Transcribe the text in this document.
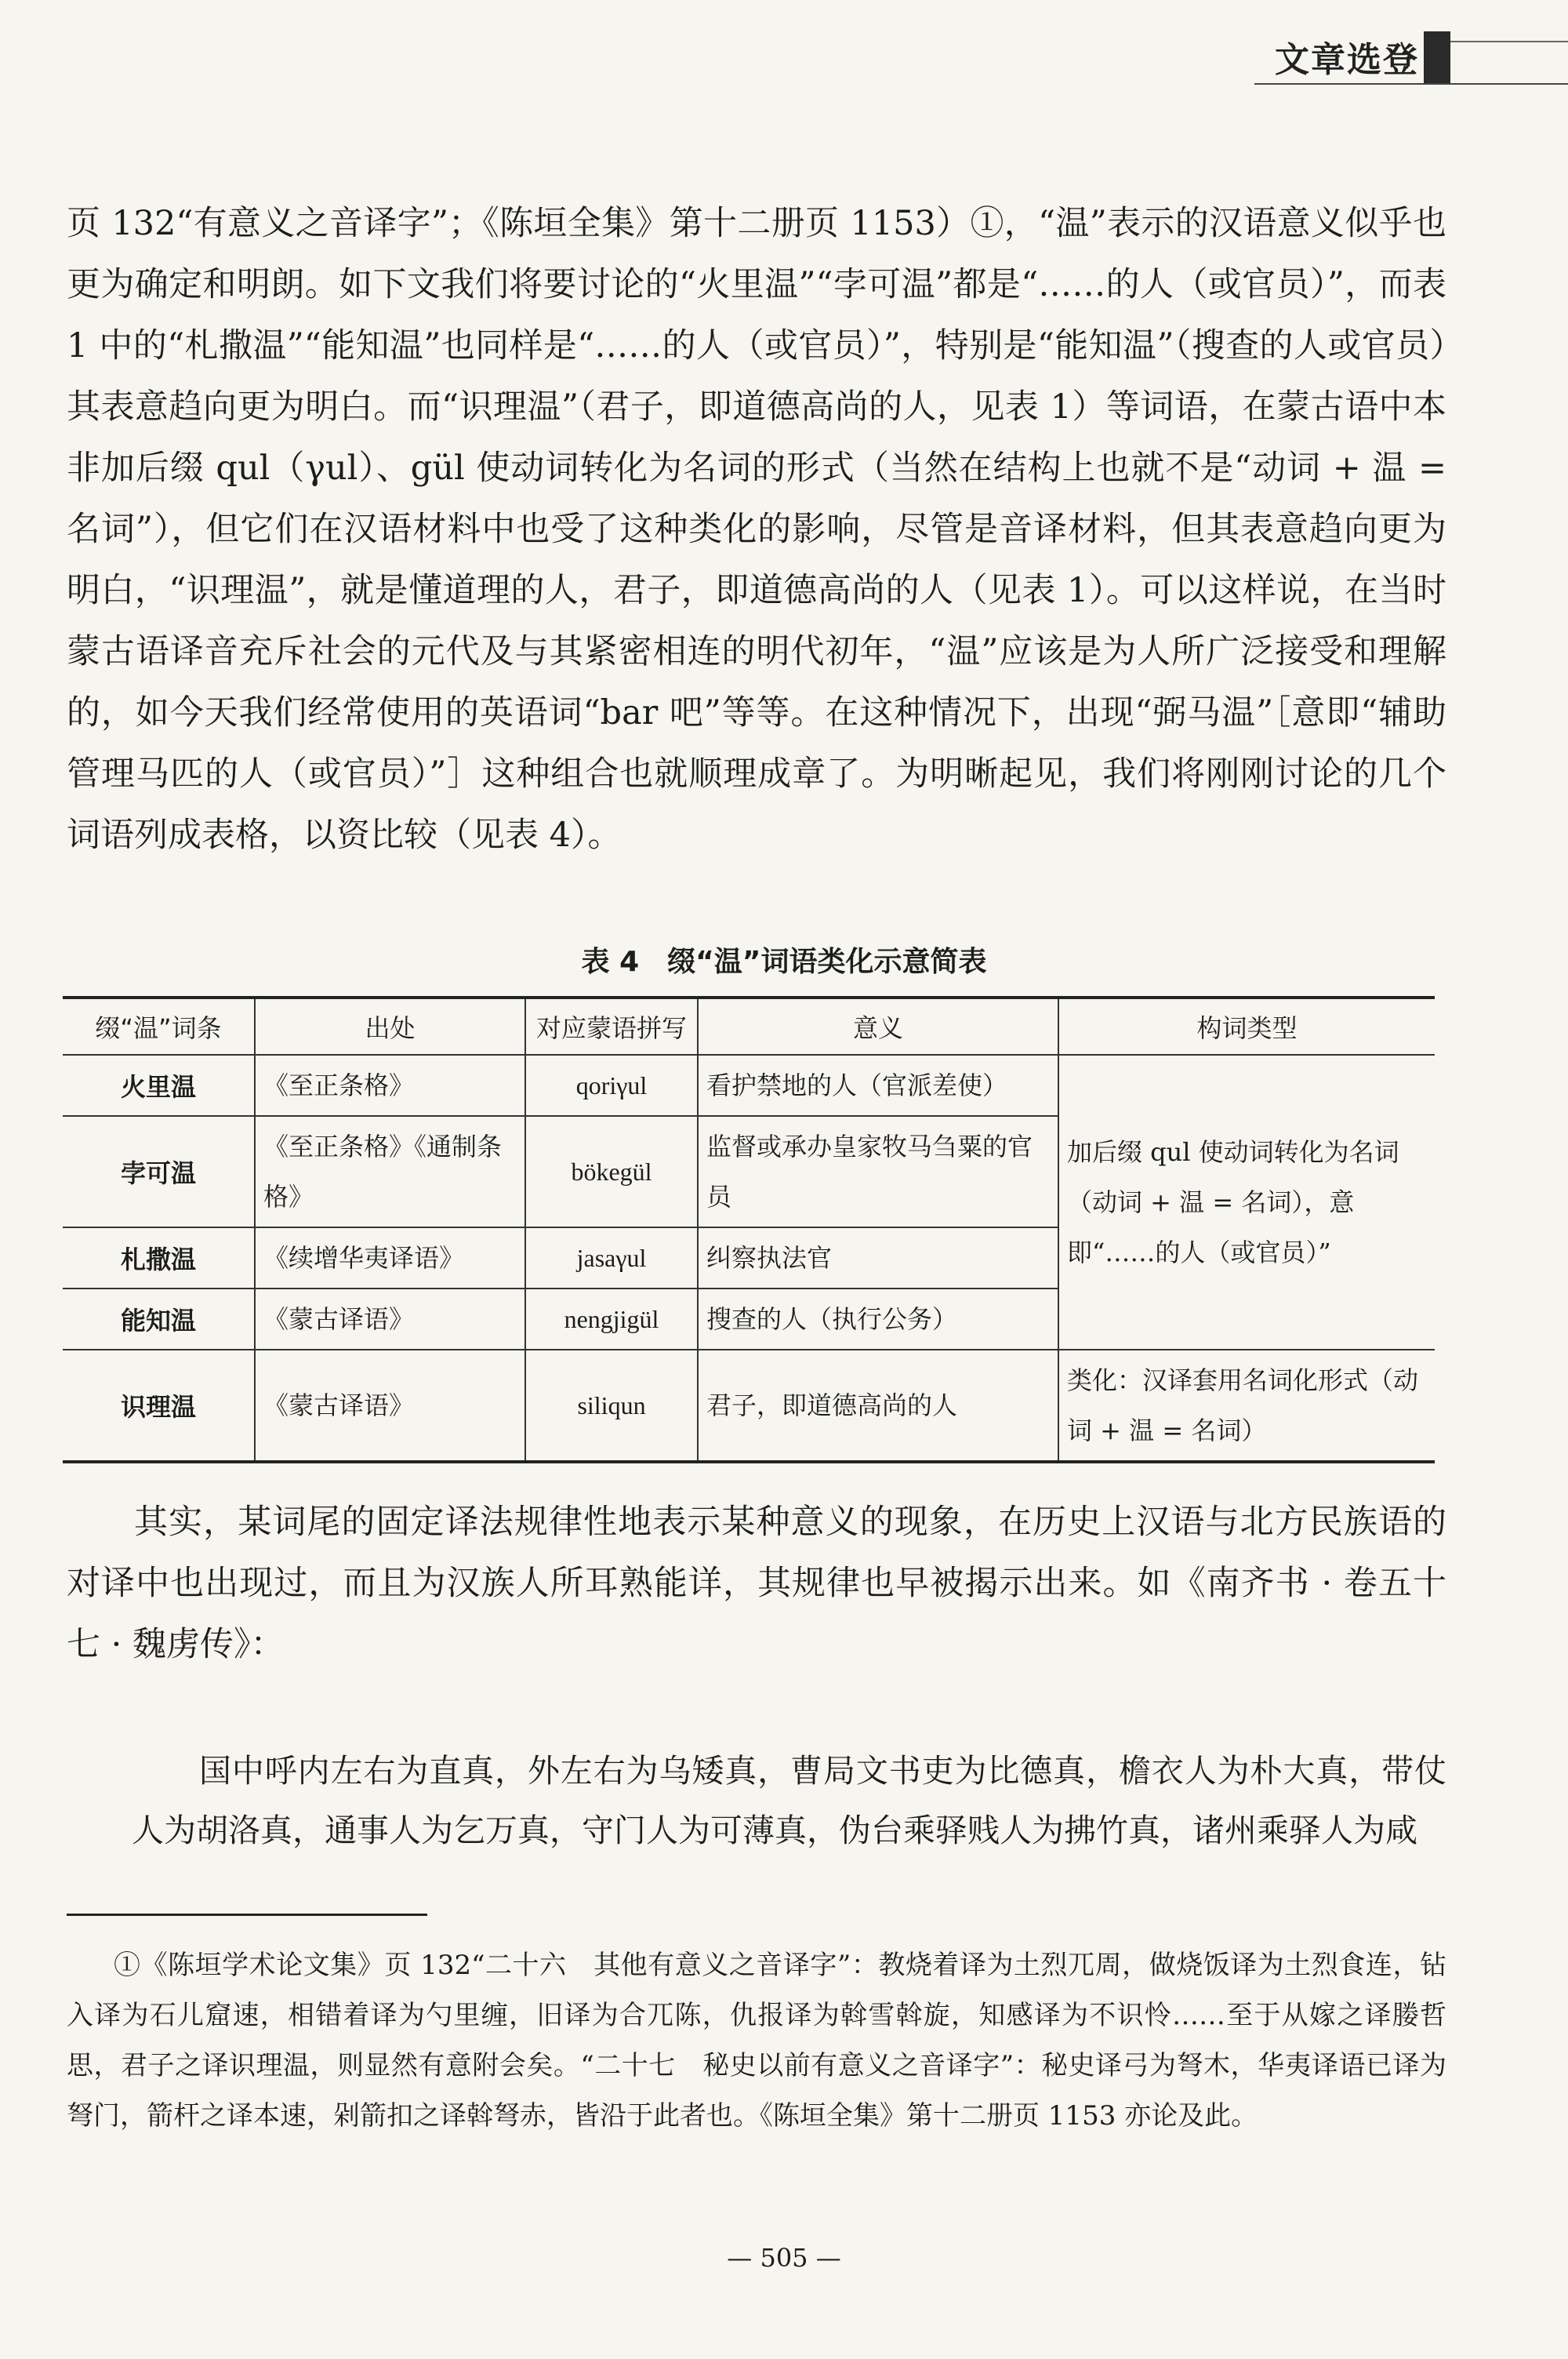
文章选登

页 132“有意义之音译字”；《陈垣全集》第十二册页 1153）①，“温”表示的汉语意义似乎也更为确定和明朗。如下文我们将要讨论的“火里温”“孛可温”都是“……的人（或官员）”，而表 1 中的“札撒温”“能知温”也同样是“……的人（或官员）”，特别是“能知温”（搜查的人或官员）其表意趋向更为明白。而“识理温”（君子，即道德高尚的人，见表 1）等词语，在蒙古语中本非加后缀 qul（γul）、gül 使动词转化为名词的形式（当然在结构上也就不是“动词 + 温 = 名词”），但它们在汉语材料中也受了这种类化的影响，尽管是音译材料，但其表意趋向更为明白，“识理温”，就是懂道理的人，君子，即道德高尚的人（见表 1）。可以这样说，在当时蒙古语译音充斥社会的元代及与其紧密相连的明代初年，“温”应该是为人所广泛接受和理解的，如今天我们经常使用的英语词“bar 吧”等等。在这种情况下，出现“弼马温”［意即“辅助管理马匹的人（或官员）”］这种组合也就顺理成章了。为明晰起见，我们将刚刚讨论的几个词语列成表格，以资比较（见表 4）。

表 4　缀“温”词语类化示意简表
缀“温”词条	出处	对应蒙语拼写	意义	构词类型
火里温	《至正条格》	qoriγul	看护禁地的人（官派差使）	加后缀 qul 使动词转化为名词（动词 + 温 = 名词），意即“……的人（或官员）”
孛可温	《至正条格》《通制条格》	bökegül	监督或承办皇家牧马刍粟的官员	
札撒温	《续增华夷译语》	jasaγul	纠察执法官	
能知温	《蒙古译语》	nengjigül	搜查的人（执行公务）	
识理温	《蒙古译语》	siliqun	君子，即道德高尚的人	类化：汉译套用名词化形式（动词 + 温 = 名词）

其实，某词尾的固定译法规律性地表示某种意义的现象，在历史上汉语与北方民族语的对译中也出现过，而且为汉族人所耳熟能详，其规律也早被揭示出来。如《南齐书 · 卷五十七 · 魏虏传》：

国中呼内左右为直真，外左右为乌矮真，曹局文书吏为比德真，檐衣人为朴大真，带仗人为胡洛真，通事人为乞万真，守门人为可薄真，伪台乘驿贱人为拂竹真，诸州乘驿人为咸
①《陈垣学术论文集》页 132“二十六　其他有意义之音译字”：教烧着译为土烈兀周，做烧饭译为土烈食连，钻入译为石儿窟速，相错着译为勺里缠，旧译为合兀陈，仇报译为斡雪斡旋，知感译为不识怜……至于从嫁之译媵哲思，君子之译识理温，则显然有意附会矣。“二十七　秘史以前有意义之音译字”：秘史译弓为弩木，华夷译语已译为弩门，箭杆之译本速，剁箭扣之译斡弩赤，皆沿于此者也。《陈垣全集》第十二册页 1153 亦论及此。
— 505 —
